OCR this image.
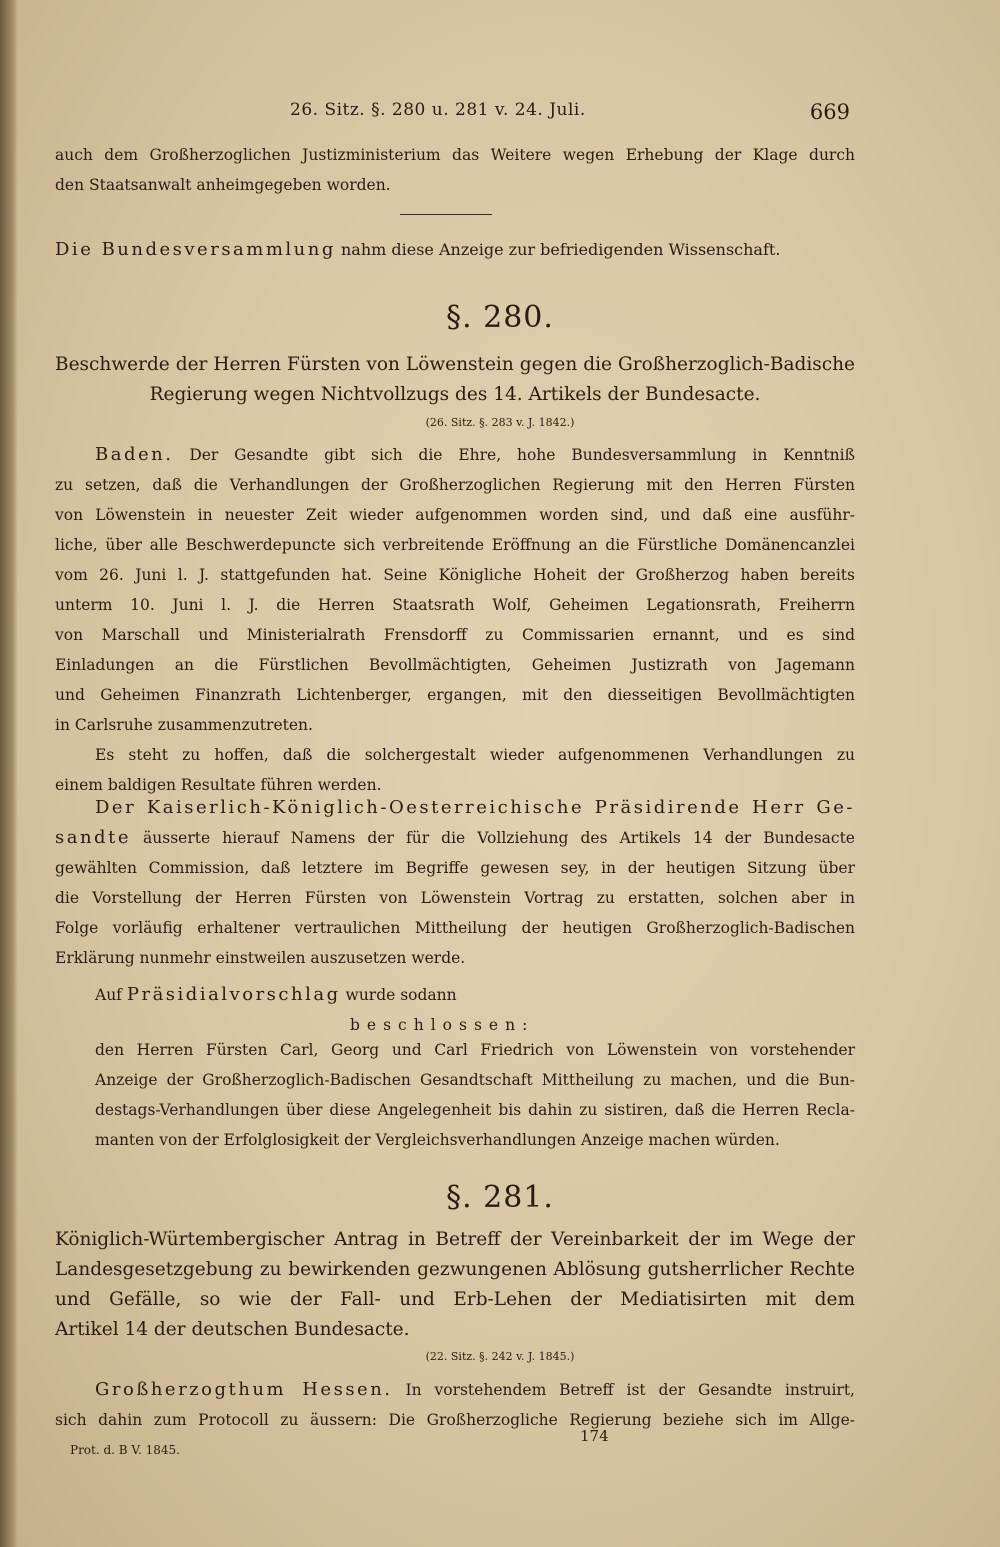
26. Sitz. §. 280 u. 281 v. 24. Juli.	669
auch dem Großherzoglichen Justizministerium das Weitere wegen Erhebung der Klage durch
den Staatsanwalt anheimgegeben worden.
Die Bundesversammlung nahm diese Anzeige zur befriedigenden Wissenschaft.
§. 280.
Beschwerde der Herren Fürsten von Löwenstein gegen die Großherzoglich-Badische
Regierung wegen Nichtvollzugs des 14. Artikels der Bundesacte.
(26. Sitz. §. 283 v. J. 1842.)
Baden. Der Gesandte gibt sich die Ehre, hohe Bundesversammlung in Kenntniß
zu setzen, daß die Verhandlungen der Großherzoglichen Regierung mit den Herren Fürsten
von Löwenstein in neuester Zeit wieder aufgenommen worden sind, und daß eine ausführ-
liche, über alle Beschwerdepuncte sich verbreitende Eröffnung an die Fürstliche Domänencanzlei
vom 26. Juni l. J. stattgefunden hat. Seine Königliche Hoheit der Großherzog haben bereits
unterm 10. Juni l. J. die Herren Staatsrath Wolf, Geheimen Legationsrath, Freiherrn
von Marschall und Ministerialrath Frensdorff zu Commissarien ernannt, und es sind
Einladungen an die Fürstlichen Bevollmächtigten, Geheimen Justizrath von Jagemann
und Geheimen Finanzrath Lichtenberger, ergangen, mit den diesseitigen Bevollmächtigten
in Carlsruhe zusammenzutreten.
Es steht zu hoffen, daß die solchergestalt wieder aufgenommenen Verhandlungen zu
einem baldigen Resultate führen werden.
Der Kaiserlich-Königlich-Oesterreichische Präsidirende Herr Ge-
sandte äusserte hierauf Namens der für die Vollziehung des Artikels 14 der Bundesacte
gewählten Commission, daß letztere im Begriffe gewesen sey, in der heutigen Sitzung über
die Vorstellung der Herren Fürsten von Löwenstein Vortrag zu erstatten, solchen aber in
Folge vorläufig erhaltener vertraulichen Mittheilung der heutigen Großherzoglich-Badischen
Erklärung nunmehr einstweilen auszusetzen werde.
Auf Präsidialvorschlag wurde sodann
beschlossen:
den Herren Fürsten Carl, Georg und Carl Friedrich von Löwenstein von vorstehender
Anzeige der Großherzoglich-Badischen Gesandtschaft Mittheilung zu machen, und die Bun-
destags-Verhandlungen über diese Angelegenheit bis dahin zu sistiren, daß die Herren Recla-
manten von der Erfolglosigkeit der Vergleichsverhandlungen Anzeige machen würden.
§. 281.
Königlich-Würtembergischer Antrag in Betreff der Vereinbarkeit der im Wege der
Landesgesetzgebung zu bewirkenden gezwungenen Ablösung gutsherrlicher Rechte
und Gefälle, so wie der Fall- und Erb-Lehen der Mediatisirten mit dem
Artikel 14 der deutschen Bundesacte.
(22. Sitz. §. 242 v. J. 1845.)
Großherzogthum Hessen. In vorstehendem Betreff ist der Gesandte instruirt,
sich dahin zum Protocoll zu äussern: Die Großherzogliche Regierung beziehe sich im Allge-
Prot. d. B V. 1845.
174
